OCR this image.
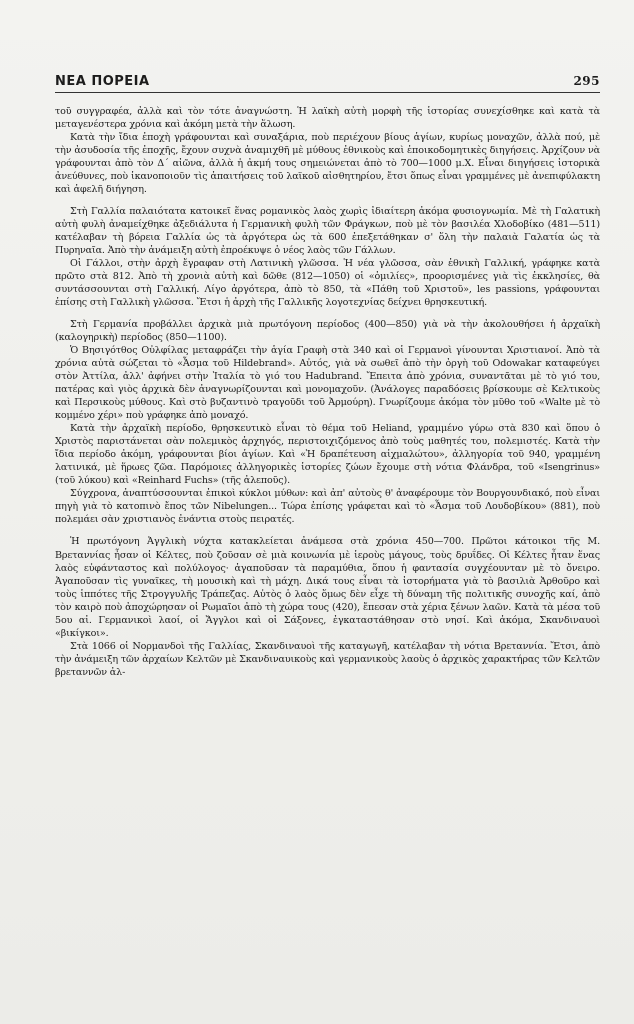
ΝΕΑ ΠΟΡΕΙΑ	295

τοῦ συγγραφέα, ἀλλὰ καὶ τὸν τότε ἀναγνώστη. Ἡ λαϊκὴ αὐτὴ μορφὴ τῆς ἱστορίας συνεχίσθηκε καὶ κατὰ τὰ μεταγενέστερα χρόνια καὶ ἀκόμη μετὰ τὴν ἅλωση.

Κατὰ τὴν ἴδια ἐποχὴ γράφουνται καὶ συναξάρια, ποὺ περιέχουν βίους ἁγίων, κυρίως μοναχῶν, ἀλλὰ πού, μὲ τὴν ἀσυδοσία τῆς ἐποχῆς, ἔχουν συχνὰ ἀναμιχθῆ μὲ μύθους ἐθνικοὺς καὶ ἐποικοδομητικὲς διηγήσεις. Ἀρχίζουν νὰ γράφουνται ἀπὸ τὸν Δ´ αἰῶνα, ἀλλὰ ἡ ἀκμή τους σημειώνεται ἀπὸ τὸ 700—1000 μ.Χ. Εἶναι διηγήσεις ἱστορικὰ ἀνεύθυνες, ποὺ ἱκανοποιοῦν τὶς ἀπαιτήσεις τοῦ λαϊκοῦ αἰσθητηρίου, ἔτσι ὅπως εἶναι γραμμένες μὲ ἀνεπιφύλακτη καὶ ἀφελῆ διήγηση.

Στὴ Γαλλία παλαιότατα κατοικεῖ ἕνας ρομανικὸς λαὸς χωρὶς ἰδιαίτερη ἀκόμα φυσιογνωμία. Μὲ τὴ Γαλατικὴ αὐτὴ φυλὴ ἀναμείχθηκε ἀξεδιάλυτα ἡ Γερμανικὴ φυλὴ τῶν Φράγκων, ποὺ μὲ τὸν βασιλέα Χλοδοβίκο (481—511) κατέλαβαν τὴ βόρεια Γαλλία ὡς τὰ ἀργότερα ὡς τὰ 600 ἐπεξετάθηκαν σ' ὅλη τὴν παλαιὰ Γαλατία ὡς τὰ Πυρηναῖα. Ἀπὸ τὴν ἀνάμειξη αὐτὴ ἐπροέκυψε ὁ νέος λαὸς τῶν Γάλλων.

Οἱ Γάλλοι, στὴν ἀρχὴ ἔγραφαν στὴ Λατινικὴ γλῶσσα. Ἡ νέα γλῶσσα, σὰν ἐθνικὴ Γαλλική, γράφηκε κατὰ πρῶτο στὰ 812. Ἀπὸ τὴ χρονιὰ αὐτὴ καὶ δῶθε (812—1050) οἱ «ὁμιλίες», προορισμένες γιὰ τὶς ἐκκλησίες, θὰ συντάσσουνται στὴ Γαλλική. Λίγο ἀργότερα, ἀπὸ τὸ 850, τὰ «Πάθη τοῦ Χριστοῦ», les passions, γράφουνται ἐπίσης στὴ Γαλλικὴ γλῶσσα. Ἔτσι ἡ ἀρχὴ τῆς Γαλλικῆς λογοτεχνίας δείχνει θρησκευτική.

Στὴ Γερμανία προβάλλει ἀρχικὰ μιὰ πρωτόγονη περίοδος (400—850) γιὰ νὰ τὴν ἀκολουθήσει ἡ ἀρχαϊκὴ (καλογηρικὴ) περίοδος (850—1100).

Ὁ Βησιγότθος Οὐλφίλας μεταφράζει τὴν ἁγία Γραφὴ στὰ 340 καὶ οἱ Γερμανοὶ γίνουνται Χριστιανοί. Ἀπὸ τὰ χρόνια αὐτὰ σώζεται τὸ «Ἆσμα τοῦ Hildebrand». Αὐτός, γιὰ νὰ σωθεῖ ἀπὸ τὴν ὀργὴ τοῦ Odowakar καταφεύγει στὸν Ἀττίλα, ἀλλ' ἀφήνει στὴν Ἰταλία τὸ γιό του Hadubrand. Ἔπειτα ἀπὸ χρόνια, συναντᾶται μὲ τὸ γιό του, πατέρας καὶ γιὸς ἀρχικὰ δὲν ἀναγνωρίζουνται καὶ μονομαχοῦν. (Ἀνάλογες παραδόσεις βρίσκουμε σὲ Κελτικοὺς καὶ Περσικοὺς μύθους. Καὶ στὸ βυζαντινὸ τραγοῦδι τοῦ Ἀρμούρη). Γνωρίζουμε ἀκόμα τὸν μῦθο τοῦ «Walte μὲ τὸ κομμένο χέρι» ποὺ γράφηκε ἀπὸ μοναχό.

Κατὰ τὴν ἀρχαϊκὴ περίοδο, θρησκευτικὸ εἶναι τὸ θέμα τοῦ Heliand, γραμμένο γύρω στὰ 830 καὶ ὅπου ὁ Χριστὸς παριστάνεται σὰν πολεμικὸς ἀρχηγός, περιστοιχιζόμενος ἀπὸ τοὺς μαθητές του, πολεμιστές. Κατὰ τὴν ἴδια περίοδο ἀκόμη, γράφουνται βίοι ἁγίων. Καὶ «Ἡ δραπέτευση αἰχμαλώτου», ἀλληγορία τοῦ 940, γραμμένη λατινικά, μὲ ἥρωες ζῶα. Παρόμοιες ἀλληγορικὲς ἱστορίες ζώων ἔχουμε στὴ νότια Φλάνδρα, τοῦ «Isengrinus» (τοῦ λύκου) καὶ «Reinhard Fuchs» (τῆς ἀλεποῦς).

Σύγχρονα, ἀναπτύσσουνται ἐπικοὶ κύκλοι μύθων: καὶ ἀπ' αὐτοὺς θ' ἀναφέρουμε τὸν Βουργουνδιακό, ποὺ εἶναι πηγὴ γιὰ τὸ κατοπινὸ ἔπος τῶν Nibelungen... Τώρα ἐπίσης γράφεται καὶ τὸ «Ἆσμα τοῦ Λουδοβίκου» (881), ποὺ πολεμάει σὰν χριστιανὸς ἐνάντια στοὺς πειρατές.

Ἡ πρωτόγονη Ἀγγλικὴ νύχτα κατακλείεται ἀνάμεσα στὰ χρόνια 450—700. Πρῶτοι κάτοικοι τῆς Μ. Βρεταννίας ἦσαν οἱ Κέλτες, ποὺ ζοῦσαν σὲ μιὰ κοινωνία μὲ ἱεροὺς μάγους, τοὺς δρυΐδες. Οἱ Κέλτες ἦταν ἕνας λαὸς εὐφάνταστος καὶ πολύλογος· ἀγαποῦσαν τὰ παραμύθια, ὅπου ἡ φαντασία συγχέουνταν μὲ τὸ ὄνειρο. Ἀγαποῦσαν τὶς γυναῖκες, τὴ μουσικὴ καὶ τὴ μάχη. Δικά τους εἶναι τὰ ἱστορήματα γιὰ τὸ βασιλιὰ Ἀρθοῦρο καὶ τοὺς ἱππότες τῆς Στρογγυλῆς Τράπεζας. Αὐτὸς ὁ λαὸς ὅμως δὲν εἶχε τὴ δύναμη τῆς πολιτικῆς συνοχῆς καί, ἀπὸ τὸν καιρὸ ποὺ ἀποχώρησαν οἱ Ρωμαῖοι ἀπὸ τὴ χώρα τους (420), ἔπεσαν στὰ χέρια ξένων λαῶν. Κατὰ τὰ μέσα τοῦ 5ου αἰ. Γερμανικοὶ λαοί, οἱ Ἄγγλοι καὶ οἱ Σάξονες, ἐγκαταστάθησαν στὸ νησί. Καὶ ἀκόμα, Σκανδιναυοὶ «βικίγκοι».

Στὰ 1066 οἱ Νορμανδοὶ τῆς Γαλλίας, Σκανδιναυοὶ τῆς καταγωγῆ, κατέλαβαν τὴ νότια Βρεταννία. Ἔτσι, ἀπὸ τὴν ἀνάμειξη τῶν ἀρχαίων Κελτῶν μὲ Σκανδιναυικοὺς καὶ γερμανικοὺς λαοὺς ὁ ἀρχικὸς χαρακτήρας τῶν Κελτῶν βρεταννῶν ἀλ-
